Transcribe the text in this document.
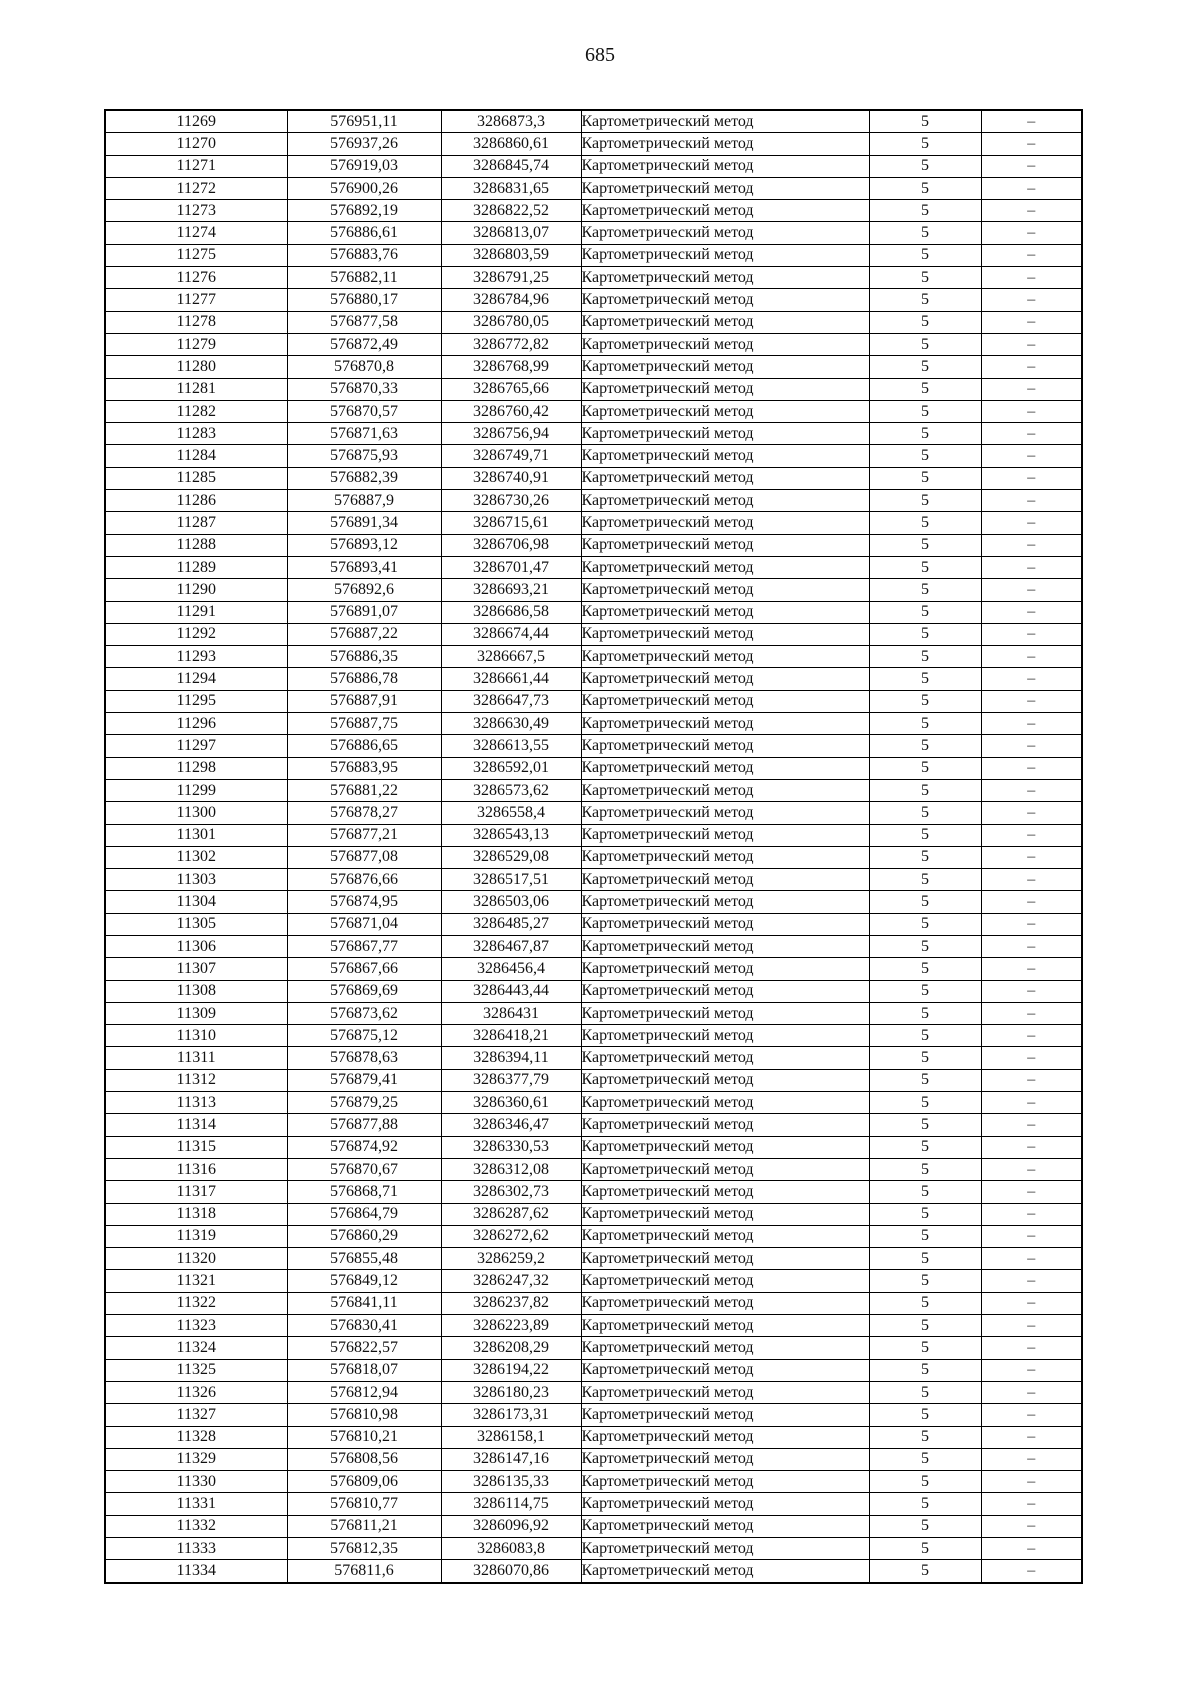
685
11269	576951,11	3286873,3	Картометрический метод	5	–
11270	576937,26	3286860,61	Картометрический метод	5	–
11271	576919,03	3286845,74	Картометрический метод	5	–
11272	576900,26	3286831,65	Картометрический метод	5	–
11273	576892,19	3286822,52	Картометрический метод	5	–
11274	576886,61	3286813,07	Картометрический метод	5	–
11275	576883,76	3286803,59	Картометрический метод	5	–
11276	576882,11	3286791,25	Картометрический метод	5	–
11277	576880,17	3286784,96	Картометрический метод	5	–
11278	576877,58	3286780,05	Картометрический метод	5	–
11279	576872,49	3286772,82	Картометрический метод	5	–
11280	576870,8	3286768,99	Картометрический метод	5	–
11281	576870,33	3286765,66	Картометрический метод	5	–
11282	576870,57	3286760,42	Картометрический метод	5	–
11283	576871,63	3286756,94	Картометрический метод	5	–
11284	576875,93	3286749,71	Картометрический метод	5	–
11285	576882,39	3286740,91	Картометрический метод	5	–
11286	576887,9	3286730,26	Картометрический метод	5	–
11287	576891,34	3286715,61	Картометрический метод	5	–
11288	576893,12	3286706,98	Картометрический метод	5	–
11289	576893,41	3286701,47	Картометрический метод	5	–
11290	576892,6	3286693,21	Картометрический метод	5	–
11291	576891,07	3286686,58	Картометрический метод	5	–
11292	576887,22	3286674,44	Картометрический метод	5	–
11293	576886,35	3286667,5	Картометрический метод	5	–
11294	576886,78	3286661,44	Картометрический метод	5	–
11295	576887,91	3286647,73	Картометрический метод	5	–
11296	576887,75	3286630,49	Картометрический метод	5	–
11297	576886,65	3286613,55	Картометрический метод	5	–
11298	576883,95	3286592,01	Картометрический метод	5	–
11299	576881,22	3286573,62	Картометрический метод	5	–
11300	576878,27	3286558,4	Картометрический метод	5	–
11301	576877,21	3286543,13	Картометрический метод	5	–
11302	576877,08	3286529,08	Картометрический метод	5	–
11303	576876,66	3286517,51	Картометрический метод	5	–
11304	576874,95	3286503,06	Картометрический метод	5	–
11305	576871,04	3286485,27	Картометрический метод	5	–
11306	576867,77	3286467,87	Картометрический метод	5	–
11307	576867,66	3286456,4	Картометрический метод	5	–
11308	576869,69	3286443,44	Картометрический метод	5	–
11309	576873,62	3286431	Картометрический метод	5	–
11310	576875,12	3286418,21	Картометрический метод	5	–
11311	576878,63	3286394,11	Картометрический метод	5	–
11312	576879,41	3286377,79	Картометрический метод	5	–
11313	576879,25	3286360,61	Картометрический метод	5	–
11314	576877,88	3286346,47	Картометрический метод	5	–
11315	576874,92	3286330,53	Картометрический метод	5	–
11316	576870,67	3286312,08	Картометрический метод	5	–
11317	576868,71	3286302,73	Картометрический метод	5	–
11318	576864,79	3286287,62	Картометрический метод	5	–
11319	576860,29	3286272,62	Картометрический метод	5	–
11320	576855,48	3286259,2	Картометрический метод	5	–
11321	576849,12	3286247,32	Картометрический метод	5	–
11322	576841,11	3286237,82	Картометрический метод	5	–
11323	576830,41	3286223,89	Картометрический метод	5	–
11324	576822,57	3286208,29	Картометрический метод	5	–
11325	576818,07	3286194,22	Картометрический метод	5	–
11326	576812,94	3286180,23	Картометрический метод	5	–
11327	576810,98	3286173,31	Картометрический метод	5	–
11328	576810,21	3286158,1	Картометрический метод	5	–
11329	576808,56	3286147,16	Картометрический метод	5	–
11330	576809,06	3286135,33	Картометрический метод	5	–
11331	576810,77	3286114,75	Картометрический метод	5	–
11332	576811,21	3286096,92	Картометрический метод	5	–
11333	576812,35	3286083,8	Картометрический метод	5	–
11334	576811,6	3286070,86	Картометрический метод	5	–
